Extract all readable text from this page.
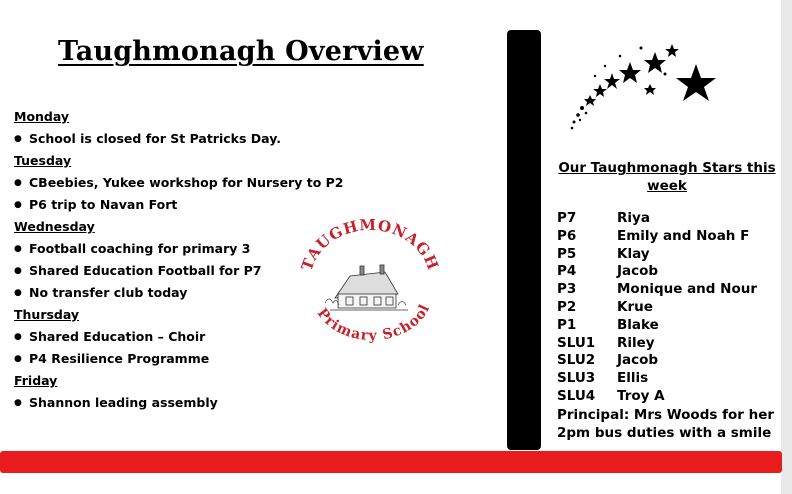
Taughmonagh Overview
Monday
● School is closed for St Patricks Day.
Tuesday
● CBeebies, Yukee workshop for Nursery to P2
● P6 trip to Navan Fort
Wednesday
● Football coaching for primary 3
● Shared Education Football for P7
● No transfer club today
Thursday
● Shared Education – Choir
● P4 Resilience Programme
Friday
● Shannon leading assembly
TAUGHMONAGH
Primary School
Our Taughmonagh Stars this week
P7	Riya
P6	Emily and Noah F
P5	Klay
P4	Jacob
P3	Monique and Nour
P2	Krue
P1	Blake
SLU1 Riley
SLU2 Jacob
SLU3 Ellis
SLU4 Troy A
Principal: Mrs Woods for her 2pm bus duties with a smile
